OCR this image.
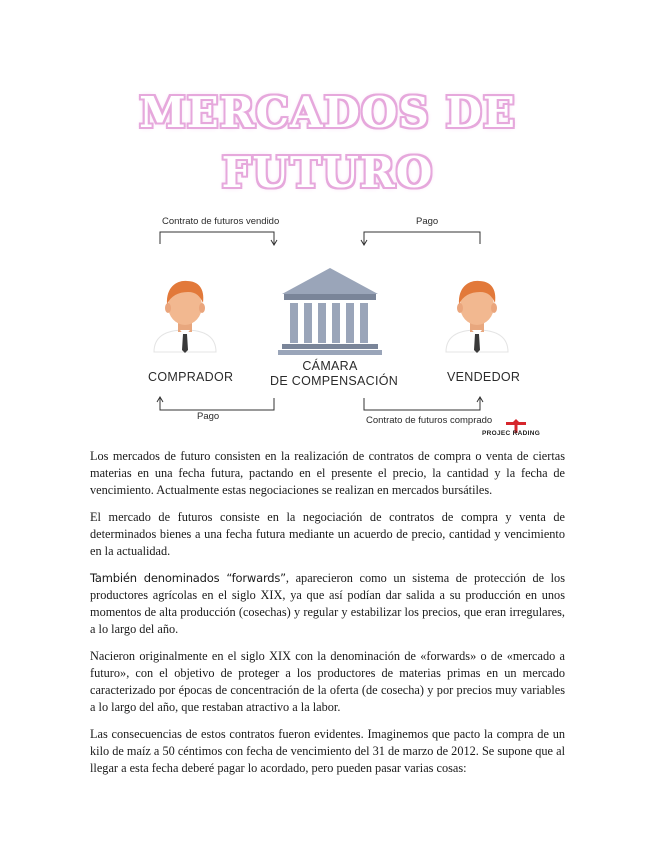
MERCADOS DE
FUTURO
Contrato de futuros vendido	Pago
COMPRADOR
CÁMARA
DE COMPENSACIÓN	VENDEDOR
Pago	Contrato de futuros comprado
PROJEC RADING

Los mercados de futuro consisten en la realización de contratos de compra o venta de ciertas materias en una fecha futura, pactando en el presente el precio, la cantidad y la fecha de vencimiento. Actualmente estas negociaciones se realizan en mercados bursátiles.

El mercado de futuros consiste en la negociación de contratos de compra y venta de determinados bienes a una fecha futura mediante un acuerdo de precio, cantidad y vencimiento en la actualidad.

También denominados “forwards”, aparecieron como un sistema de protección de los productores agrícolas en el siglo XIX, ya que así podían dar salida a su producción en unos momentos de alta producción (cosechas) y regular y estabilizar los precios, que eran irregulares, a lo largo del año.

Nacieron originalmente en el siglo XIX con la denominación de «forwards» o de «mercado a futuro», con el objetivo de proteger a los productores de materias primas en un mercado caracterizado por épocas de concentración de la oferta (de cosecha) y por precios muy variables a lo largo del año, que restaban atractivo a la labor.

Las consecuencias de estos contratos fueron evidentes. Imaginemos que pacto la compra de un kilo de maíz a 50 céntimos con fecha de vencimiento del 31 de marzo de 2012. Se supone que al llegar a esta fecha deberé pagar lo acordado, pero pueden pasar varias cosas:
